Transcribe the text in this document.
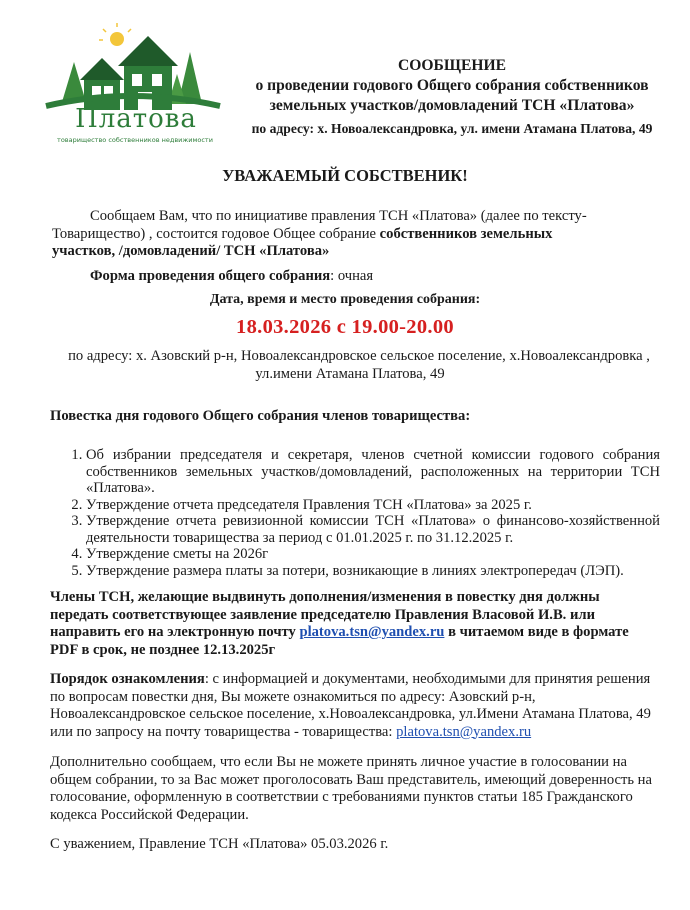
Платова
товарищество собственников недвижимости
СООБЩЕНИЕ
о проведении годового Общего собрания собственников
земельных участков/домовладений ТСН «Платова»
по адресу: х. Новоалександровка, ул. имени Атамана Платова, 49
УВАЖАЕМЫЙ СОБСТВЕНИК!
Сообщаем Вам, что по инициативе правления ТСН «Платова» (далее по тексту-Товарищество) , состоится годовое Общее собрание собственников земельных участков, /домовладений/ ТСН «Платова»
Форма проведения общего собрания: очная
Дата, время и место проведения собрания:
18.03.2026 с 19.00-20.00
по адресу: х. Азовский р-н, Новоалександровское сельское поселение, х.Новоалександровка ,
ул.имени Атамана Платова, 49
Повестка дня годового Общего собрания членов товарищества:
1. Об избрании председателя и секретаря, членов счетной комиссии годового собрания собственников земельных участков/домовладений, расположенных на территории ТСН «Платова».
2. Утверждение отчета председателя Правления ТСН «Платова» за 2025 г.
3. Утверждение отчета ревизионной комиссии ТСН «Платова» о финансово-хозяйственной деятельности товарищества за период с 01.01.2025 г. по 31.12.2025 г.
4. Утверждение сметы на 2026г
5. Утверждение размера платы за потери, возникающие в линиях электропередач (ЛЭП).
Члены ТСН, желающие выдвинуть дополнения/изменения в повестку дня должны передать соответствующее заявление председателю Правления Власовой И.В. или направить его на электронную почту platova.tsn@yandex.ru в читаемом виде в формате PDF в срок, не позднее 12.13.2025г
Порядок ознакомления: с информацией и документами, необходимыми для принятия решения по вопросам повестки дня, Вы можете ознакомиться по адресу: Азовский р-н, Новоалександровское сельское поселение, х.Новоалександровка, ул.Имени Атамана Платова, 49 или по запросу на почту товарищества - товарищества: platova.tsn@yandex.ru
Дополнительно сообщаем, что если Вы не можете принять личное участие в голосовании на общем собрании, то за Вас может проголосовать Ваш представитель, имеющий доверенность на голосование, оформленную в соответствии с требованиями пунктов статьи 185 Гражданского кодекса Российской Федерации.
С уважением, Правление ТСН «Платова» 05.03.2026 г.
